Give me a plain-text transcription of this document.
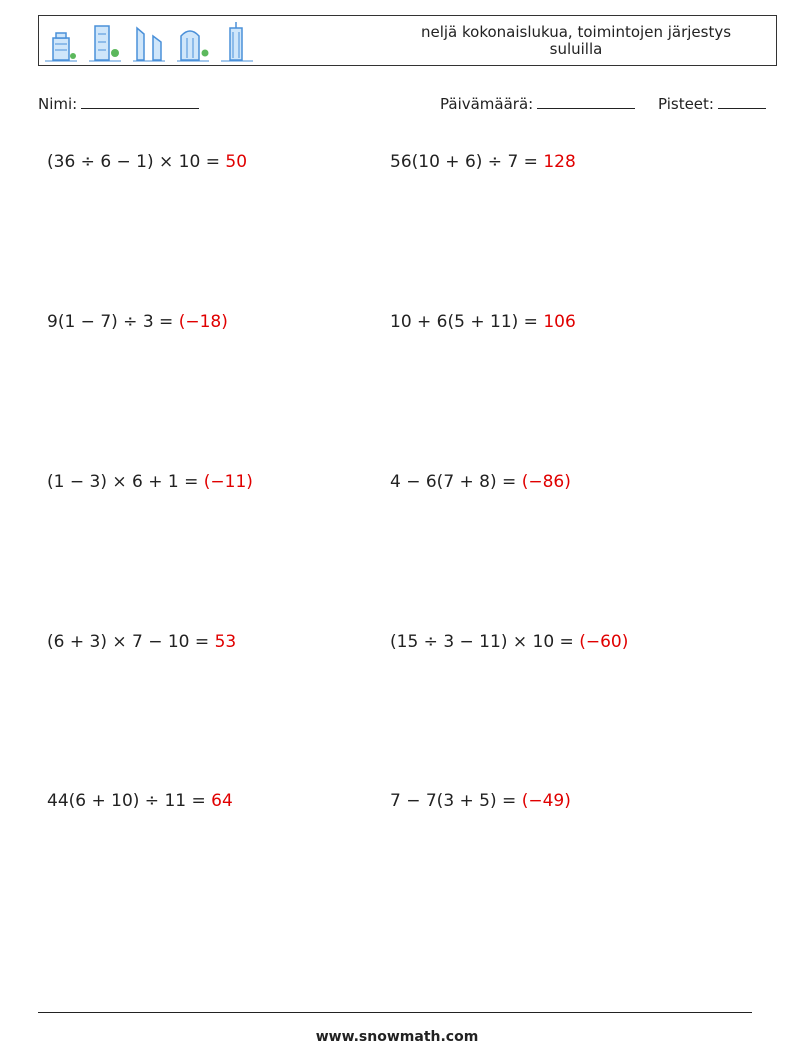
neljä kokonaislukua, toimintojen järjestys
suluilla
Nimi:	Päivämäärä:	Pisteet:
(36 ÷ 6 − 1) × 10 = 50	56(10 + 6) ÷ 7 = 128
9(1 − 7) ÷ 3 = (−18)	10 + 6(5 + 11) = 106
(1 − 3) × 6 + 1 = (−11)	4 − 6(7 + 8) = (−86)
(6 + 3) × 7 − 10 = 53	(15 ÷ 3 − 11) × 10 = (−60)
44(6 + 10) ÷ 11 = 64	7 − 7(3 + 5) = (−49)
www.snowmath.com
